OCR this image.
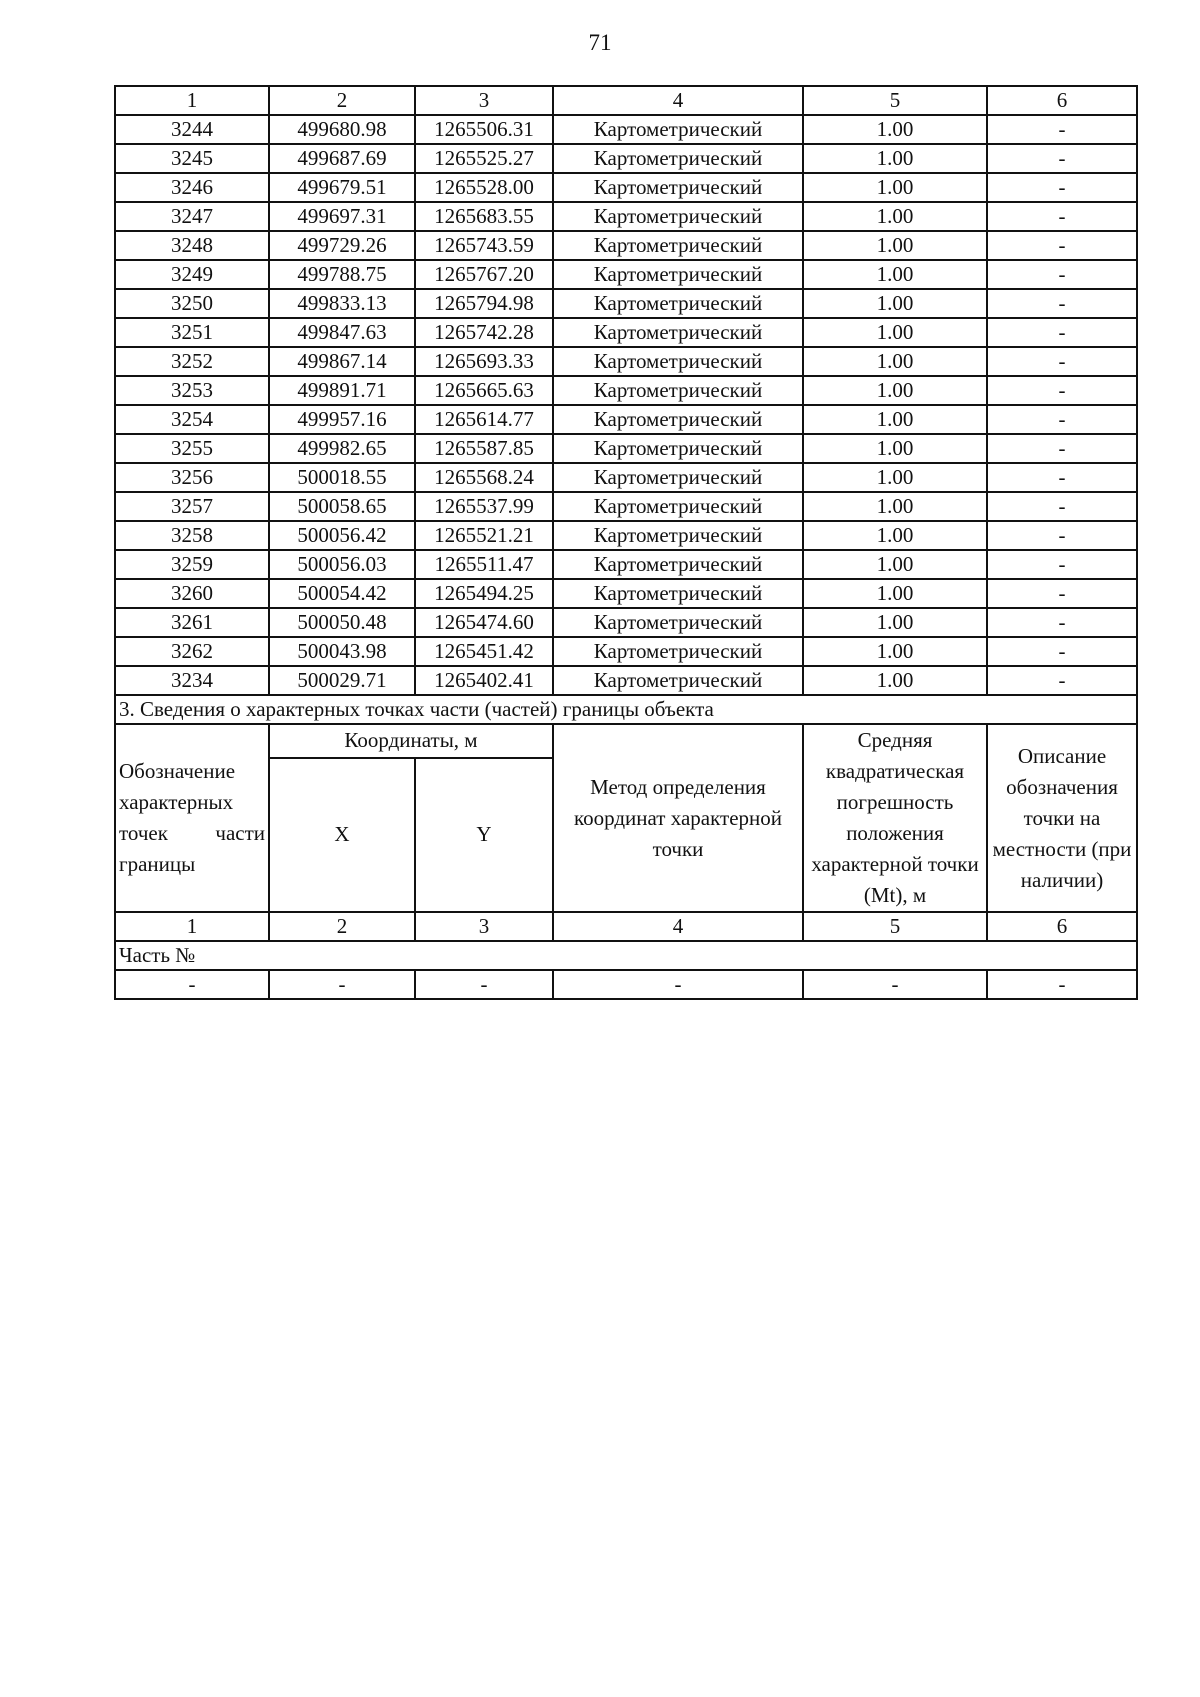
71
1	2	3	4	5	6
3244	499680.98	1265506.31	Картометрический	1.00	-
3245	499687.69	1265525.27	Картометрический	1.00	-
3246	499679.51	1265528.00	Картометрический	1.00	-
3247	499697.31	1265683.55	Картометрический	1.00	-
3248	499729.26	1265743.59	Картометрический	1.00	-
3249	499788.75	1265767.20	Картометрический	1.00	-
3250	499833.13	1265794.98	Картометрический	1.00	-
3251	499847.63	1265742.28	Картометрический	1.00	-
3252	499867.14	1265693.33	Картометрический	1.00	-
3253	499891.71	1265665.63	Картометрический	1.00	-
3254	499957.16	1265614.77	Картометрический	1.00	-
3255	499982.65	1265587.85	Картометрический	1.00	-
3256	500018.55	1265568.24	Картометрический	1.00	-
3257	500058.65	1265537.99	Картометрический	1.00	-
3258	500056.42	1265521.21	Картометрический	1.00	-
3259	500056.03	1265511.47	Картометрический	1.00	-
3260	500054.42	1265494.25	Картометрический	1.00	-
3261	500050.48	1265474.60	Картометрический	1.00	-
3262	500043.98	1265451.42	Картометрический	1.00	-
3234	500029.71	1265402.41	Картометрический	1.00	-
3. Сведения о характерных точках части (частей) границы объекта					
Обозначение характерных точек части границы	Координаты, м		Метод определения координат характерной точки	Средняя квадратическая погрешность положения характерной точки (Mt), м	Описание обозначения точки на местности (при наличии)
	X	Y			
1	2	3	4	5	6
Часть №					
-	-	-	-	-	-
